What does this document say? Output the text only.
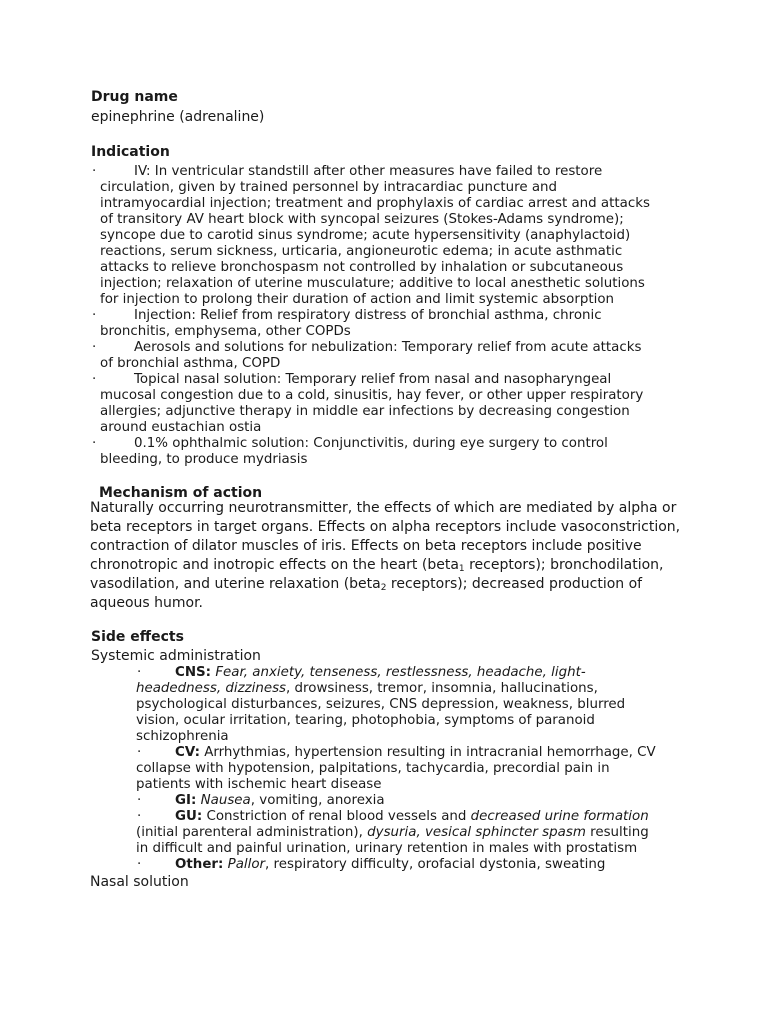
Drug name
epinephrine (adrenaline)
Indication
·	IV: In ventricular standstill after other measures have failed to restore
circulation, given by trained personnel by intracardiac puncture and
intramyocardial injection; treatment and prophylaxis of cardiac arrest and attacks
of transitory AV heart block with syncopal seizures (Stokes-Adams syndrome);
syncope due to carotid sinus syndrome; acute hypersensitivity (anaphylactoid)
reactions, serum sickness, urticaria, angioneurotic edema; in acute asthmatic
attacks to relieve bronchospasm not controlled by inhalation or subcutaneous
injection; relaxation of uterine musculature; additive to local anesthetic solutions
for injection to prolong their duration of action and limit systemic absorption
·	Injection: Relief from respiratory distress of bronchial asthma, chronic
bronchitis, emphysema, other COPDs
·	Aerosols and solutions for nebulization: Temporary relief from acute attacks
of bronchial asthma, COPD
·	Topical nasal solution: Temporary relief from nasal and nasopharyngeal
mucosal congestion due to a cold, sinusitis, hay fever, or other upper respiratory
allergies; adjunctive therapy in middle ear infections by decreasing congestion
around eustachian ostia
·	0.1% ophthalmic solution: Conjunctivitis, during eye surgery to control
bleeding, to produce mydriasis
Mechanism of action
Naturally occurring neurotransmitter, the effects of which are mediated by alpha or
beta receptors in target organs. Effects on alpha receptors include vasoconstriction,
contraction of dilator muscles of iris. Effects on beta receptors include positive
chronotropic and inotropic effects on the heart (beta$_1$ receptors); bronchodilation,
vasodilation, and uterine relaxation (beta$_2$ receptors); decreased production of
aqueous humor.
Side effects
Systemic administration
·	CNS: Fear, anxiety, tenseness, restlessness, headache, light-
headedness, dizziness, drowsiness, tremor, insomnia, hallucinations,
psychological disturbances, seizures, CNS depression, weakness, blurred
vision, ocular irritation, tearing, photophobia, symptoms of paranoid
schizophrenia
·	CV: Arrhythmias, hypertension resulting in intracranial hemorrhage, CV
collapse with hypotension, palpitations, tachycardia, precordial pain in
patients with ischemic heart disease
·	GI: Nausea, vomiting, anorexia
·	GU: Constriction of renal blood vessels and decreased urine formation
(initial parenteral administration), dysuria, vesical sphincter spasm resulting
in difficult and painful urination, urinary retention in males with prostatism
·	Other: Pallor, respiratory difficulty, orofacial dystonia, sweating
Nasal solution
